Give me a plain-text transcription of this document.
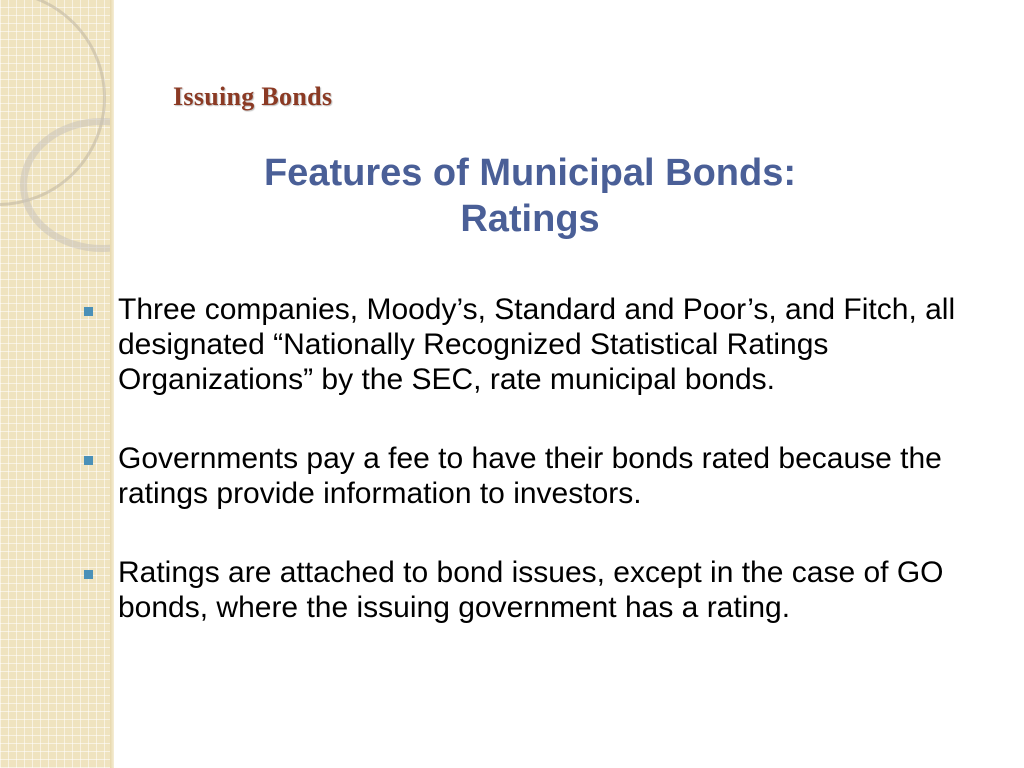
Issuing Bonds
Features of Municipal Bonds:
Ratings
Three companies, Moody’s, Standard and Poor’s, and Fitch, all designated “Nationally Recognized Statistical Ratings Organizations” by the SEC, rate municipal bonds.
Governments pay a fee to have their bonds rated because the ratings provide information to investors.
Ratings are attached to bond issues, except in the case of GO bonds, where the issuing government has a rating.
